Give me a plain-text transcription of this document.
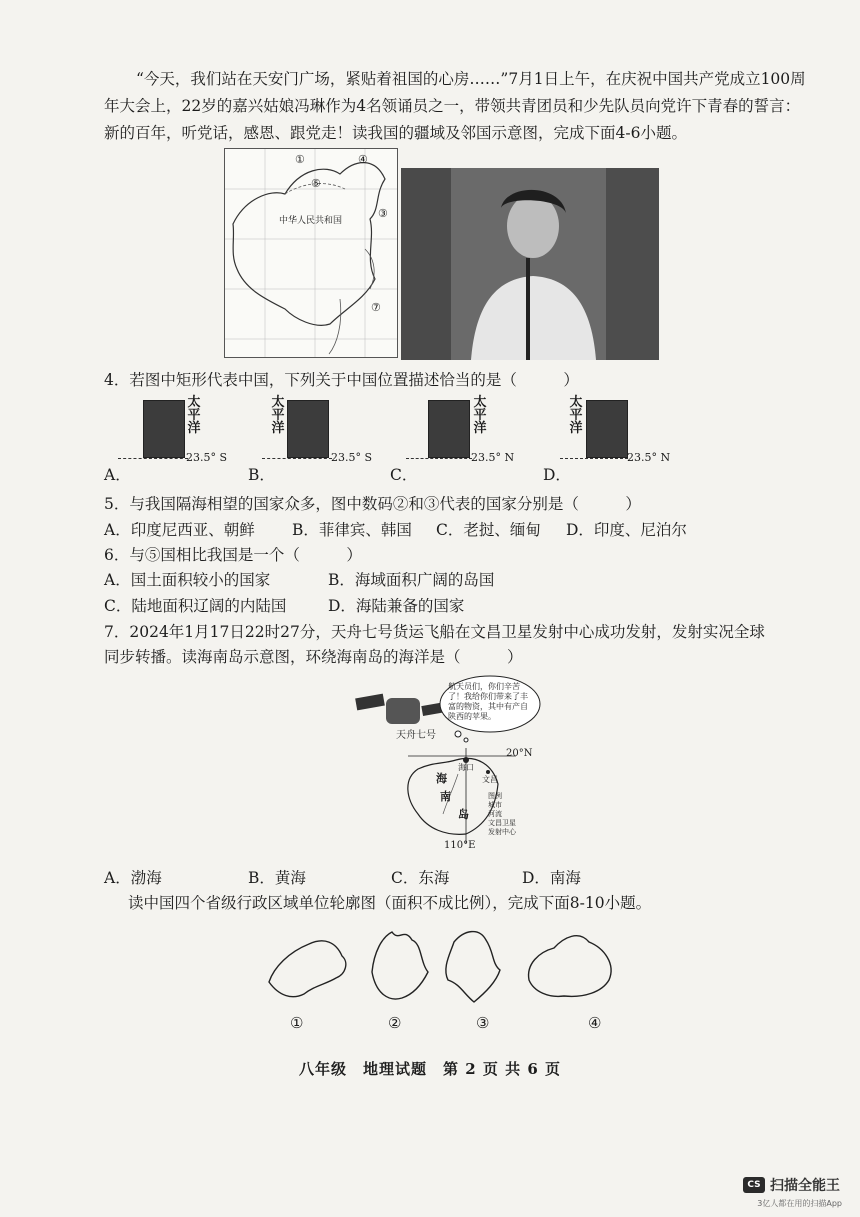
“今天，我们站在天安门广场，紧贴着祖国的心房……”7月1日上午，在庆祝中国共产党成立100周年大会上，22岁的嘉兴姑娘冯琳作为4名领诵员之一，带领共青团员和少先队员向党许下青春的誓言：新的百年，听党话，感恩、跟党走！读我国的疆域及邻国示意图，完成下面4-6小题。

①	④
⑤
中华人民共和国
③
⑦
4．若图中矩形代表中国，下列关于中国位置描述恰当的是（　　　）
太平洋
23.5° S
A．
太平洋
23.5° S
B．
太平洋
23.5° N
C．
太平洋
23.5° N
D．
5．与我国隔海相望的国家众多，图中数码②和③代表的国家分别是（　　　）
A．印度尼西亚、朝鲜 B．菲律宾、韩国 C．老挝、缅甸 D．印度、尼泊尔
6．与⑤国相比我国是一个（　　　）
A．国土面积较小的国家	B．海域面积广阔的岛国
C．陆地面积辽阔的内陆国	D．海陆兼备的国家
7．2024年1月17日22时27分，天舟七号货运飞船在文昌卫星发射中心成功发射，发射实况全球
同步转播。读海南岛示意图，环绕海南岛的海洋是（　　　）
航天员们，你们辛苦了！我给你们带来了丰富的物资，其中有产自陕西的苹果。
天舟七号
20°N
110°E
海口
文昌
海
南
岛
图例
城市
河流
文昌卫星
发射中心
A．渤海	B．黄海	C．东海	D．南海
读中国四个省级行政区域单位轮廓图（面积不成比例），完成下面8-10小题。
①	②	③	④
八年级　地理试题　第 2 页 共 6 页
CS 扫描全能王
3亿人都在用的扫描App
